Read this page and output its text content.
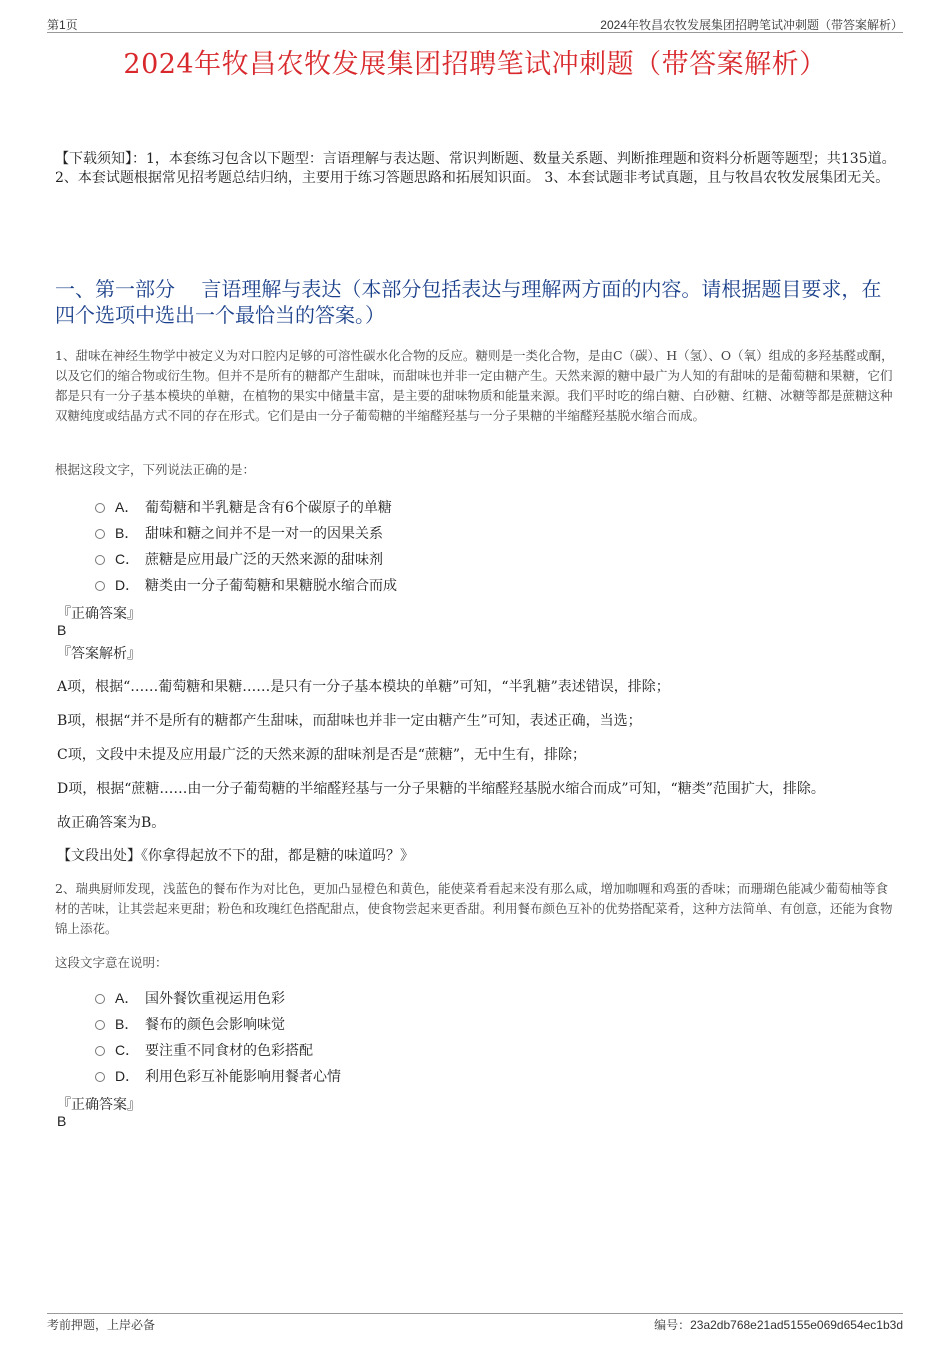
第1页	2024年牧昌农牧发展集团招聘笔试冲刺题（带答案解析）
2024年牧昌农牧发展集团招聘笔试冲刺题（带答案解析）
【下载须知】：1，本套练习包含以下题型：言语理解与表达题、常识判断题、数量关系题、判断推理题和资料分析题等题型；共135道。 2、本套试题根据常见招考题总结归纳，主要用于练习答题思路和拓展知识面。 3、本套试题非考试真题，且与牧昌农牧发展集团无关。
一、第一部分　 言语理解与表达（本部分包括表达与理解两方面的内容。请根据题目要求，在四个选项中选出一个最恰当的答案。）
1、甜味在神经生物学中被定义为对口腔内足够的可溶性碳水化合物的反应。糖则是一类化合物，是由C（碳）、H（氢）、O（氧）组成的多羟基醛或酮，以及它们的缩合物或衍生物。但并不是所有的糖都产生甜味，而甜味也并非一定由糖产生。天然来源的糖中最广为人知的有甜味的是葡萄糖和果糖，它们都是只有一分子基本模块的单糖，在植物的果实中储量丰富，是主要的甜味物质和能量来源。我们平时吃的绵白糖、白砂糖、红糖、冰糖等都是蔗糖这种双糖纯度或结晶方式不同的存在形式。它们是由一分子葡萄糖的半缩醛羟基与一分子果糖的半缩醛羟基脱水缩合而成。
根据这段文字，下列说法正确的是：
A． 葡萄糖和半乳糖是含有6个碳原子的单糖
B． 甜味和糖之间并不是一对一的因果关系
C． 蔗糖是应用最广泛的天然来源的甜味剂
D． 糖类由一分子葡萄糖和果糖脱水缩合而成
『正确答案』
B
『答案解析』
A项，根据“……葡萄糖和果糖……是只有一分子基本模块的单糖”可知，“半乳糖”表述错误，排除；
B项，根据“并不是所有的糖都产生甜味，而甜味也并非一定由糖产生”可知，表述正确，当选；
C项，文段中未提及应用最广泛的天然来源的甜味剂是否是“蔗糖”，无中生有，排除；
D项，根据“蔗糖……由一分子葡萄糖的半缩醛羟基与一分子果糖的半缩醛羟基脱水缩合而成”可知，“糖类”范围扩大，排除。
故正确答案为B。
【文段出处】《你拿得起放不下的甜，都是糖的味道吗？》
2、瑞典厨师发现，浅蓝色的餐布作为对比色，更加凸显橙色和黄色，能使菜肴看起来没有那么咸，增加咖喱和鸡蛋的香味；而珊瑚色能减少葡萄柚等食材的苦味，让其尝起来更甜；粉色和玫瑰红色搭配甜点，使食物尝起来更香甜。利用餐布颜色互补的优势搭配菜肴，这种方法简单、有创意，还能为食物锦上添花。
这段文字意在说明：
A． 国外餐饮重视运用色彩
B． 餐布的颜色会影响味觉
C． 要注重不同食材的色彩搭配
D． 利用色彩互补能影响用餐者心情
『正确答案』
B
考前押题，上岸必备	编号：23a2db768e21ad5155e069d654ec1b3d
